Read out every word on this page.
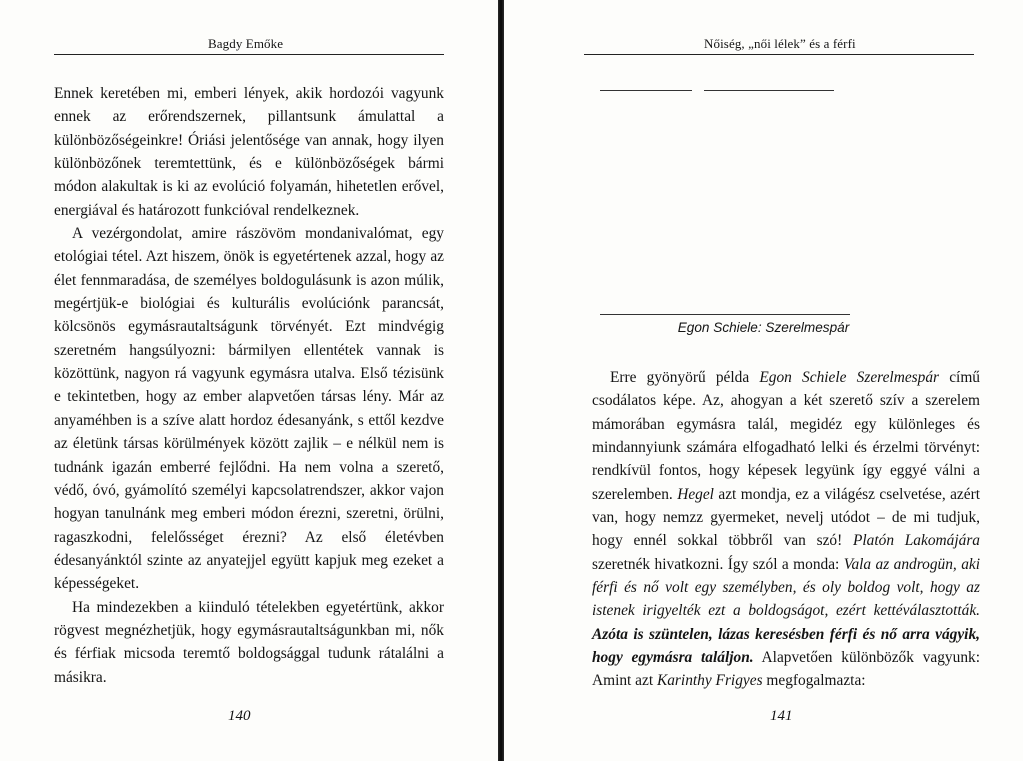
Bagdy Emőke

Ennek keretében mi, emberi lények, akik hordozói vagyunk ennek az erőrendszernek, pillantsunk ámulattal a különbözőségeinkre! Óriási jelentősége van annak, hogy ilyen különbözőnek teremtettünk, és e különbözőségek bármi módon alakultak is ki az evolúció folyamán, hihetetlen erővel, energiával és határozott funkcióval rendelkeznek.

A vezérgondolat, amire rászövöm mondanivalómat, egy etológiai tétel. Azt hiszem, önök is egyetértenek azzal, hogy az élet fennmaradása, de személyes boldogulásunk is azon múlik, megértjük-e biológiai és kulturális evolúciónk parancsát, kölcsönös egymásrautaltságunk törvényét. Ezt mindvégig szeretném hangsúlyozni: bármilyen ellentétek vannak is közöttünk, nagyon rá vagyunk egymásra utalva. Első tézisünk e tekintetben, hogy az ember alapvetően társas lény. Már az anyaméhben is a szíve alatt hordoz édesanyánk, s ettől kezdve az életünk társas körülmények között zajlik – e nélkül nem is tudnánk igazán emberré fejlődni. Ha nem volna a szerető, védő, óvó, gyámolító személyi kapcsolatrendszer, akkor vajon hogyan tanulnánk meg emberi módon érezni, szeretni, örülni, ragaszkodni, felelősséget érezni? Az első életévben édesanyánktól szinte az anyatejjel együtt kapjuk meg ezeket a képességeket.

Ha mindezekben a kiinduló tételekben egyetértünk, akkor rögvest megnézhetjük, hogy egymásrautaltságunkban mi, nők és férfiak micsoda teremtő boldogsággal tudunk rátalálni a másikra.

140
Nőiség, „női lélek” és a férfi
Egon Schiele: Szerelmespár

Erre gyönyörű példa Egon Schiele Szerelmespár című csodálatos képe. Az, ahogyan a két szerető szív a szerelem mámorában egymásra talál, megidéz egy különleges és mindannyiunk számára elfogadható lelki és érzelmi törvényt: rendkívül fontos, hogy képesek legyünk így eggyé válni a szerelemben. Hegel azt mondja, ez a világész cselvetése, azért van, hogy nemzz gyermeket, nevelj utódot – de mi tudjuk, hogy ennél sokkal többről van szó! Platón Lakomájára szeretnék hivatkozni. Így szól a monda: Vala az androgün, aki férfi és nő volt egy személyben, és oly boldog volt, hogy az istenek irigyelték ezt a boldogságot, ezért kettéválasztották. Azóta is szüntelen, lázas keresésben férfi és nő arra vágyik, hogy egymásra találjon. Alapvetően különbözők vagyunk: Amint azt Karinthy Frigyes megfogalmazta:

141
